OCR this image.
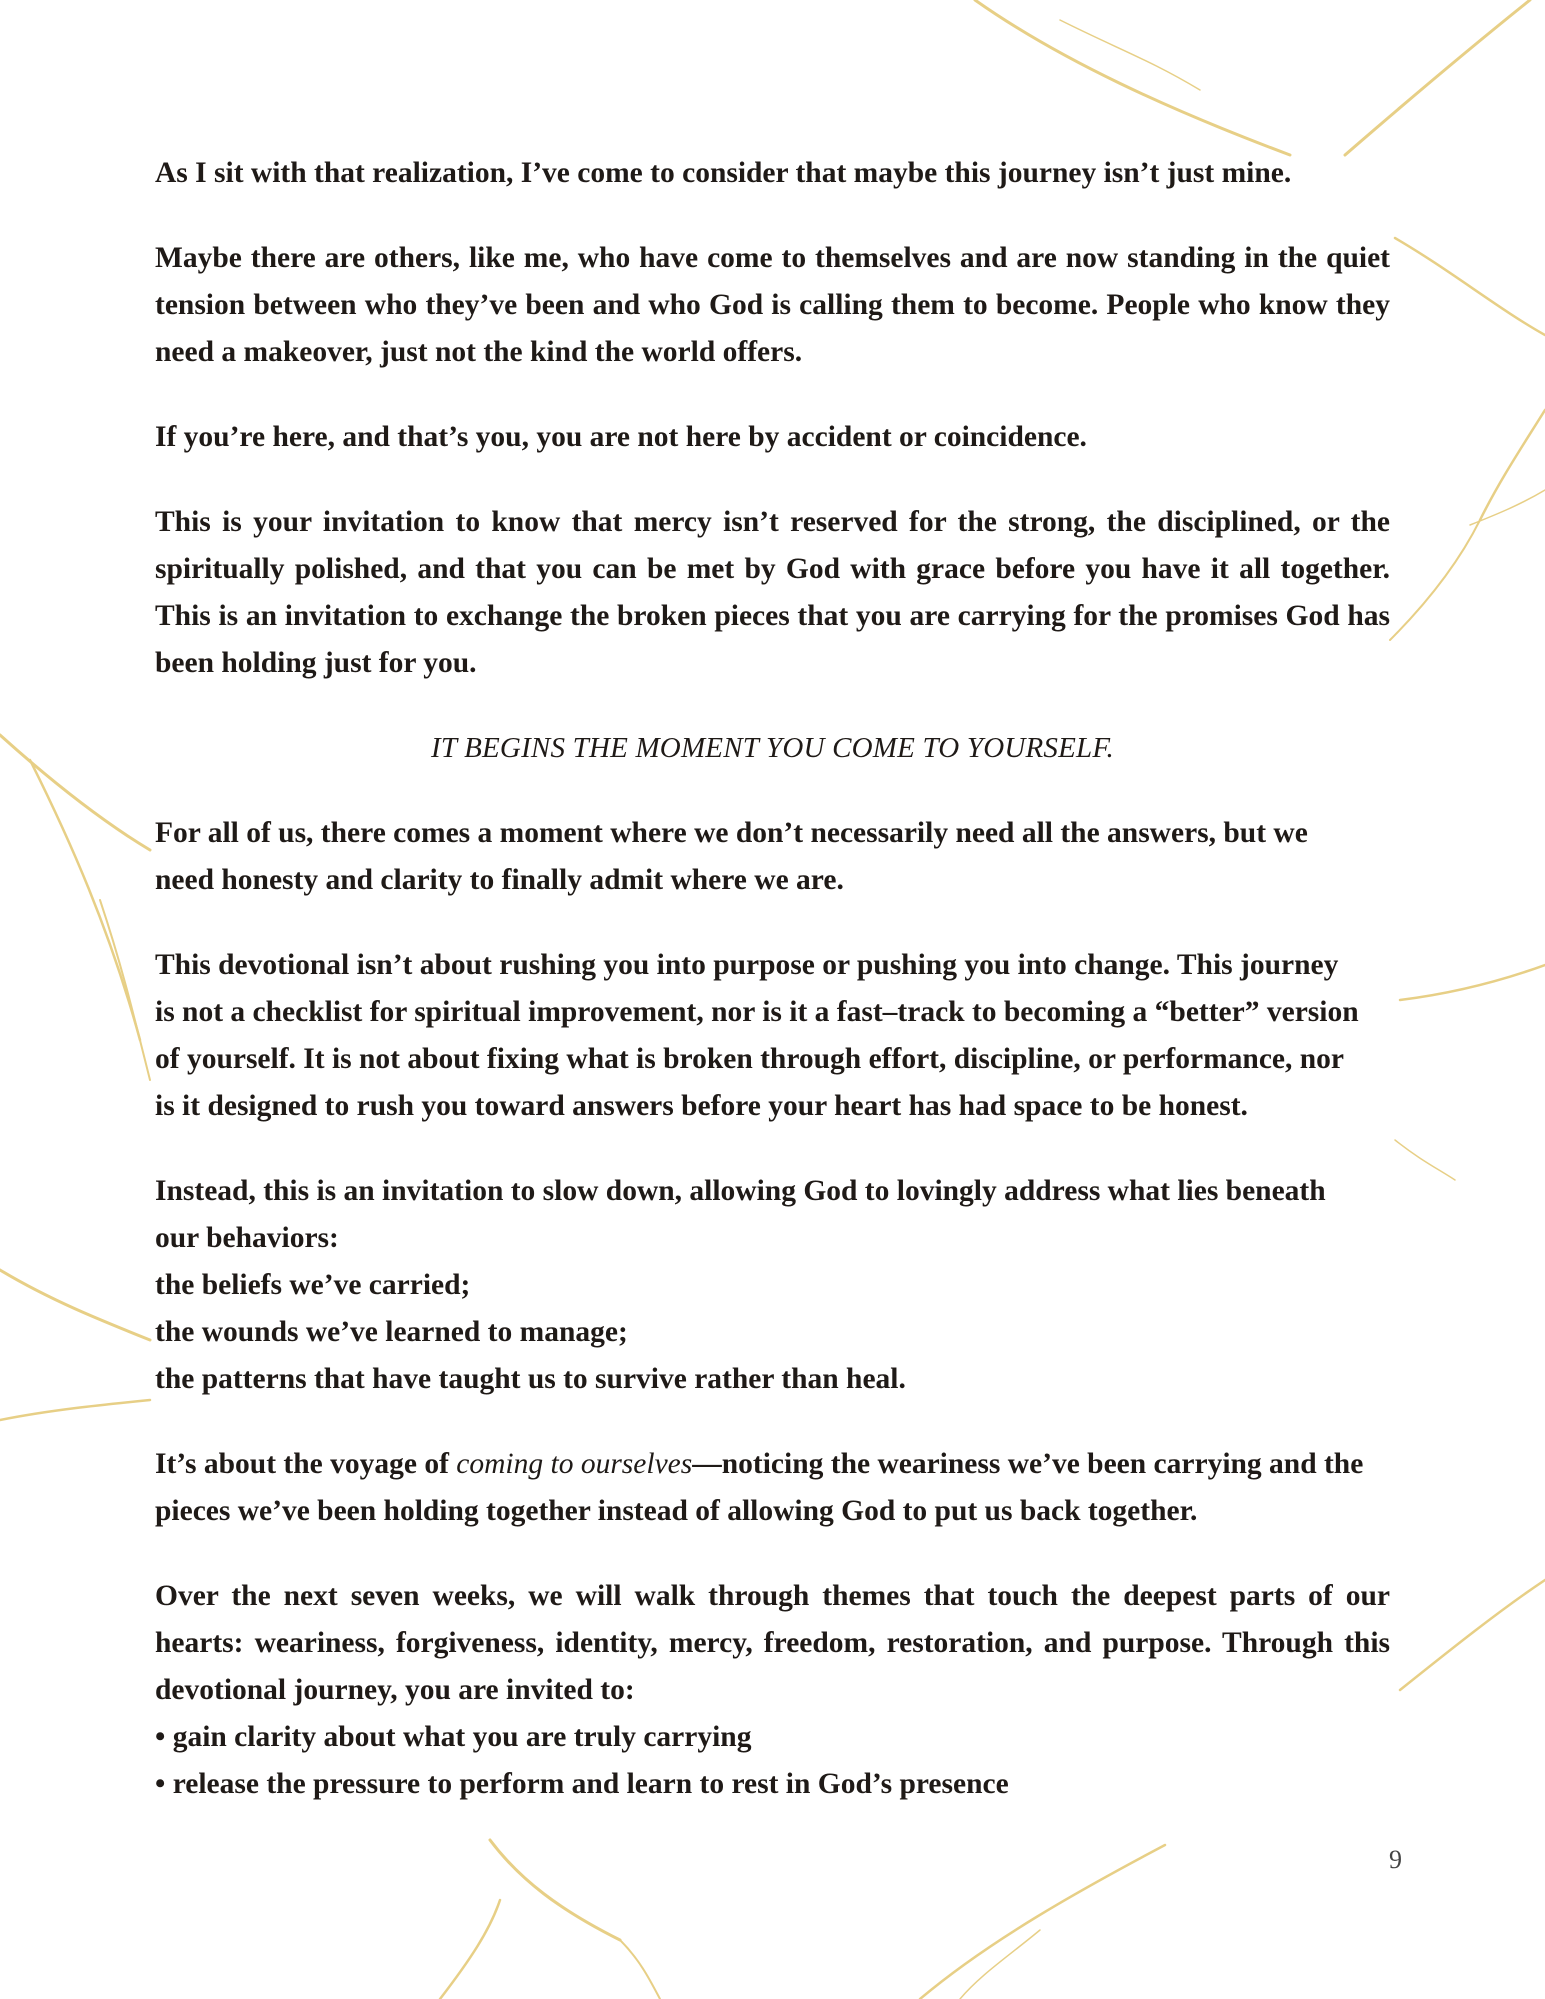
As I sit with that realization, I’ve come to consider that maybe this journey isn’t just mine.

Maybe there are others, like me, who have come to themselves and are now standing in the quiet tension between who they’ve been and who God is calling them to become. People who know they need a makeover, just not the kind the world offers.

If you’re here, and that’s you, you are not here by accident or coincidence.

This is your invitation to know that mercy isn’t reserved for the strong, the disciplined, or the spiritually polished, and that you can be met by God with grace before you have it all together. This is an invitation to exchange the broken pieces that you are carrying for the promises God has been holding just for you.

IT BEGINS THE MOMENT YOU COME TO YOURSELF.

For all of us, there comes a moment where we don’t necessarily need all the answers, but we
need honesty and clarity to finally admit where we are.

This devotional isn’t about rushing you into purpose or pushing you into change. This journey
is not a checklist for spiritual improvement, nor is it a fast–track to becoming a “better” version
of yourself. It is not about fixing what is broken through effort, discipline, or performance, nor
is it designed to rush you toward answers before your heart has had space to be honest.

Instead, this is an invitation to slow down, allowing God to lovingly address what lies beneath
our behaviors:
the beliefs we’ve carried;
the wounds we’ve learned to manage;
the patterns that have taught us to survive rather than heal.

It’s about the voyage of coming to ourselves—noticing the weariness we’ve been carrying and the
pieces we’ve been holding together instead of allowing God to put us back together.

Over the next seven weeks, we will walk through themes that touch the deepest parts of our
hearts: weariness, forgiveness, identity, mercy, freedom, restoration, and purpose. Through this
devotional journey, you are invited to:
• gain clarity about what you are truly carrying
• release the pressure to perform and learn to rest in God’s presence

9
